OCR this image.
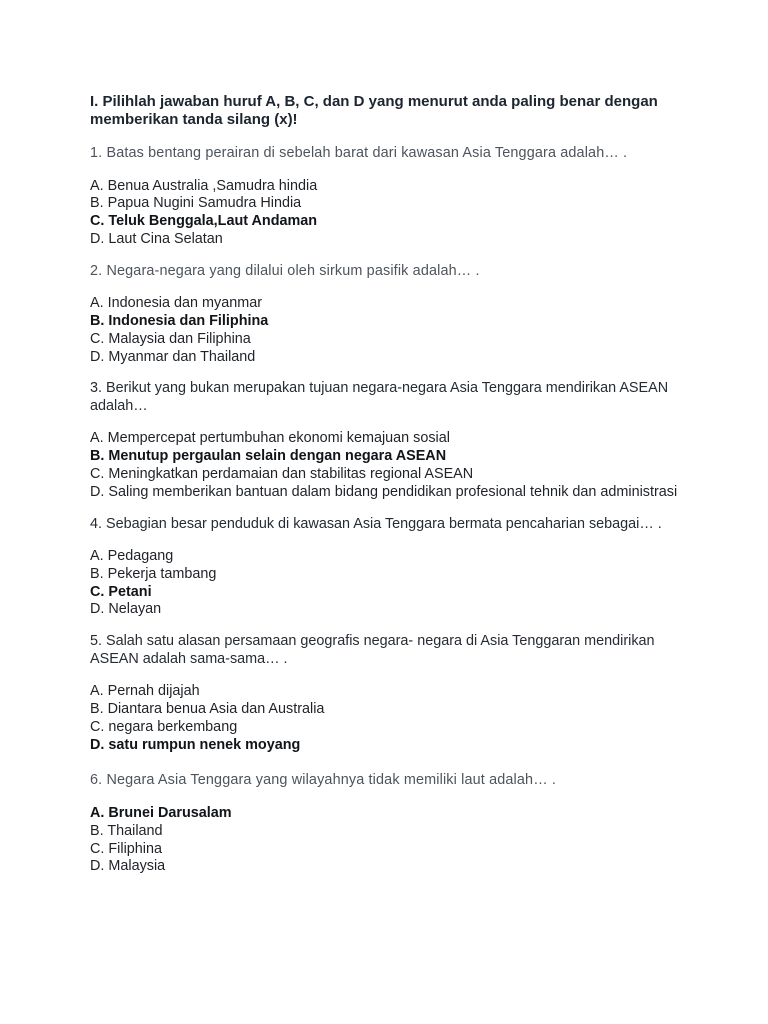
I. Pilihlah jawaban huruf A, B, C, dan D yang menurut anda paling benar dengan memberikan tanda silang (x)!

1. Batas bentang perairan di sebelah barat dari kawasan Asia Tenggara adalah… .

A. Benua Australia ,Samudra hindia
B. Papua Nugini Samudra Hindia
C. Teluk Benggala,Laut Andaman
D. Laut Cina Selatan

2. Negara-negara yang dilalui oleh sirkum pasifik adalah… .

A. Indonesia dan myanmar
B. Indonesia dan Filiphina
C. Malaysia dan Filiphina
D. Myanmar dan Thailand

3. Berikut yang bukan merupakan tujuan negara-negara Asia Tenggara mendirikan ASEAN adalah…

A. Mempercepat pertumbuhan ekonomi kemajuan sosial
B. Menutup pergaulan selain dengan negara ASEAN
C. Meningkatkan perdamaian dan stabilitas regional ASEAN
D. Saling memberikan bantuan dalam bidang pendidikan profesional tehnik dan administrasi

4. Sebagian besar penduduk di kawasan Asia Tenggara bermata pencaharian sebagai… .

A. Pedagang
B. Pekerja tambang
C. Petani
D. Nelayan

5. Salah satu alasan persamaan geografis negara- negara di Asia Tenggaran mendirikan ASEAN adalah sama-sama… .

A. Pernah dijajah
B. Diantara benua Asia dan Australia
C. negara berkembang
D. satu rumpun nenek moyang

6. Negara Asia Tenggara yang wilayahnya tidak memiliki laut adalah… .

A. Brunei Darusalam
B. Thailand
C. Filiphina
D. Malaysia
